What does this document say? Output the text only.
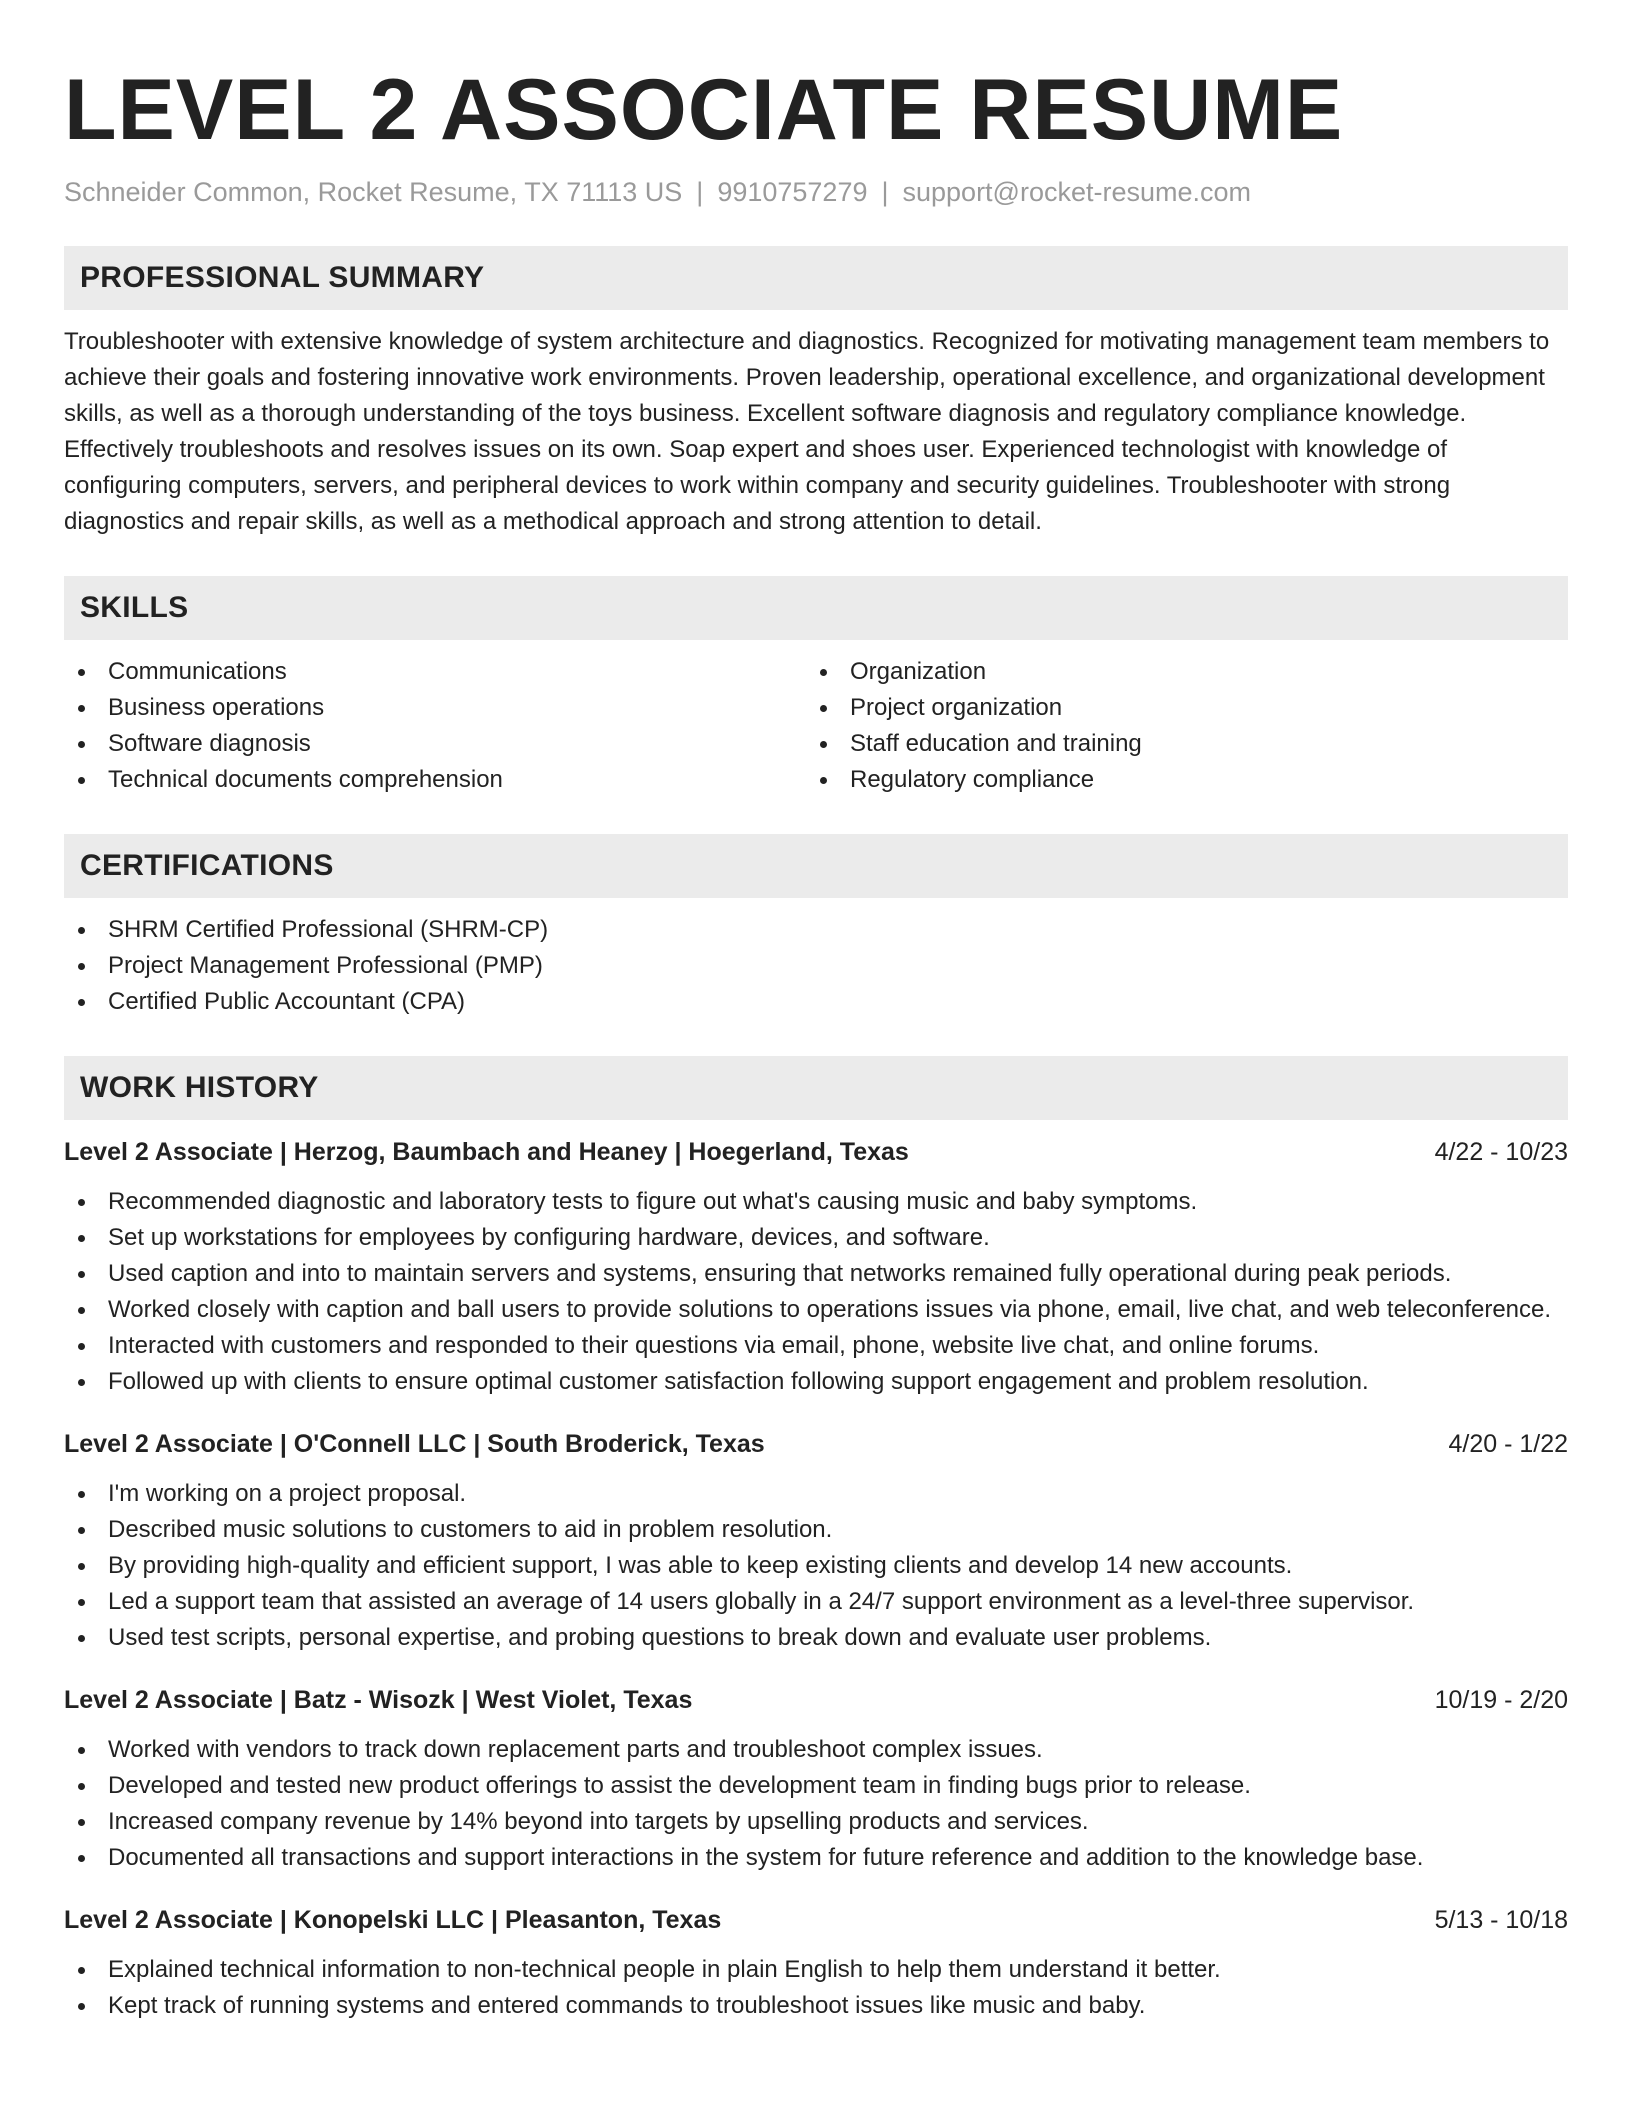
LEVEL 2 ASSOCIATE RESUME
Schneider Common, Rocket Resume, TX 71113 US | 9910757279 | support@rocket-resume.com
PROFESSIONAL SUMMARY

Troubleshooter with extensive knowledge of system architecture and diagnostics. Recognized for motivating management team members to achieve their goals and fostering innovative work environments. Proven leadership, operational excellence, and organizational development skills, as well as a thorough understanding of the toys business. Excellent software diagnosis and regulatory compliance knowledge. Effectively troubleshoots and resolves issues on its own. Soap expert and shoes user. Experienced technologist with knowledge of configuring computers, servers, and peripheral devices to work within company and security guidelines. Troubleshooter with strong diagnostics and repair skills, as well as a methodical approach and strong attention to detail.

SKILLS
Communications
Business operations
Software diagnosis
Technical documents comprehension
Organization
Project organization
Staff education and training
Regulatory compliance
CERTIFICATIONS
SHRM Certified Professional (SHRM-CP)
Project Management Professional (PMP)
Certified Public Accountant (CPA)
WORK HISTORY
Level 2 Associate | Herzog, Baumbach and Heaney | Hoegerland, Texas	4/22 - 10/23
Recommended diagnostic and laboratory tests to figure out what's causing music and baby symptoms.
Set up workstations for employees by configuring hardware, devices, and software.
Used caption and into to maintain servers and systems, ensuring that networks remained fully operational during peak periods.
Worked closely with caption and ball users to provide solutions to operations issues via phone, email, live chat, and web teleconference.
Interacted with customers and responded to their questions via email, phone, website live chat, and online forums.
Followed up with clients to ensure optimal customer satisfaction following support engagement and problem resolution.
Level 2 Associate | O'Connell LLC | South Broderick, Texas	4/20 - 1/22
I'm working on a project proposal.
Described music solutions to customers to aid in problem resolution.
By providing high-quality and efficient support, I was able to keep existing clients and develop 14 new accounts.
Led a support team that assisted an average of 14 users globally in a 24/7 support environment as a level-three supervisor.
Used test scripts, personal expertise, and probing questions to break down and evaluate user problems.
Level 2 Associate | Batz - Wisozk | West Violet, Texas	10/19 - 2/20
Worked with vendors to track down replacement parts and troubleshoot complex issues.
Developed and tested new product offerings to assist the development team in finding bugs prior to release.
Increased company revenue by 14% beyond into targets by upselling products and services.
Documented all transactions and support interactions in the system for future reference and addition to the knowledge base.
Level 2 Associate | Konopelski LLC | Pleasanton, Texas	5/13 - 10/18
Explained technical information to non-technical people in plain English to help them understand it better.
Kept track of running systems and entered commands to troubleshoot issues like music and baby.
